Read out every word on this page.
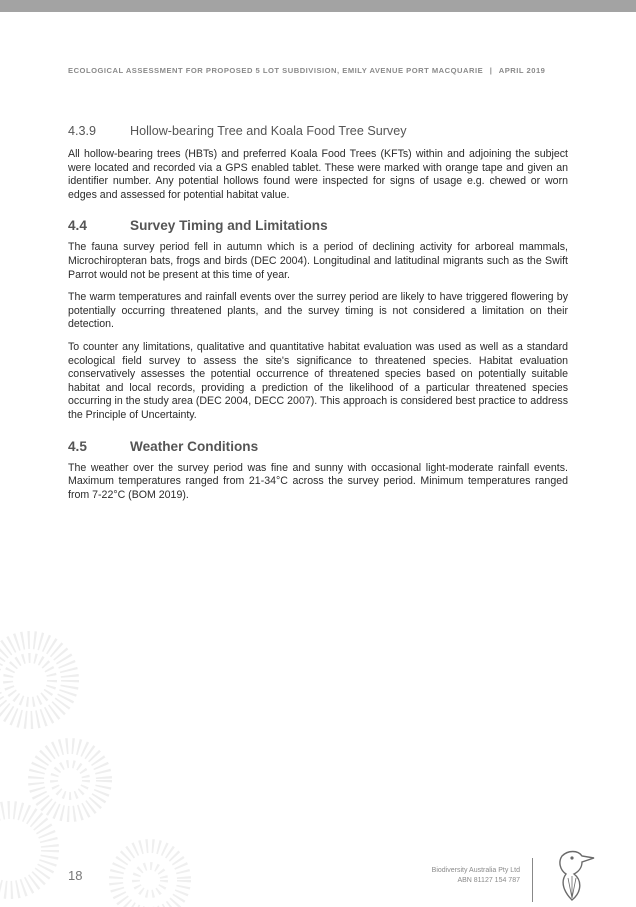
ECOLOGICAL ASSESSMENT FOR PROPOSED 5 LOT SUBDIVISION, EMILY AVENUE PORT MACQUARIE | APRIL 2019
4.3.9	Hollow-bearing Tree and Koala Food Tree Survey

All hollow-bearing trees (HBTs) and preferred Koala Food Trees (KFTs) within and adjoining the subject were located and recorded via a GPS enabled tablet. These were marked with orange tape and given an identifier number. Any potential hollows found were inspected for signs of usage e.g. chewed or worn edges and assessed for potential habitat value.

4.4	Survey Timing and Limitations

The fauna survey period fell in autumn which is a period of declining activity for arboreal mammals, Microchiropteran bats, frogs and birds (DEC 2004). Longitudinal and latitudinal migrants such as the Swift Parrot would not be present at this time of year.

The warm temperatures and rainfall events over the surrey period are likely to have triggered flowering by potentially occurring threatened plants, and the survey timing is not considered a limitation on their detection.

To counter any limitations, qualitative and quantitative habitat evaluation was used as well as a standard ecological field survey to assess the site's significance to threatened species. Habitat evaluation conservatively assesses the potential occurrence of threatened species based on potentially suitable habitat and local records, providing a prediction of the likelihood of a particular threatened species occurring in the study area (DEC 2004, DECC 2007). This approach is considered best practice to address the Principle of Uncertainty.

4.5	Weather Conditions

The weather over the survey period was fine and sunny with occasional light-moderate rainfall events. Maximum temperatures ranged from 21-34°C across the survey period. Minimum temperatures ranged from 7-22°C (BOM 2019).

18	Biodiversity Australia Pty Ltd
ABN 81127 154 787
